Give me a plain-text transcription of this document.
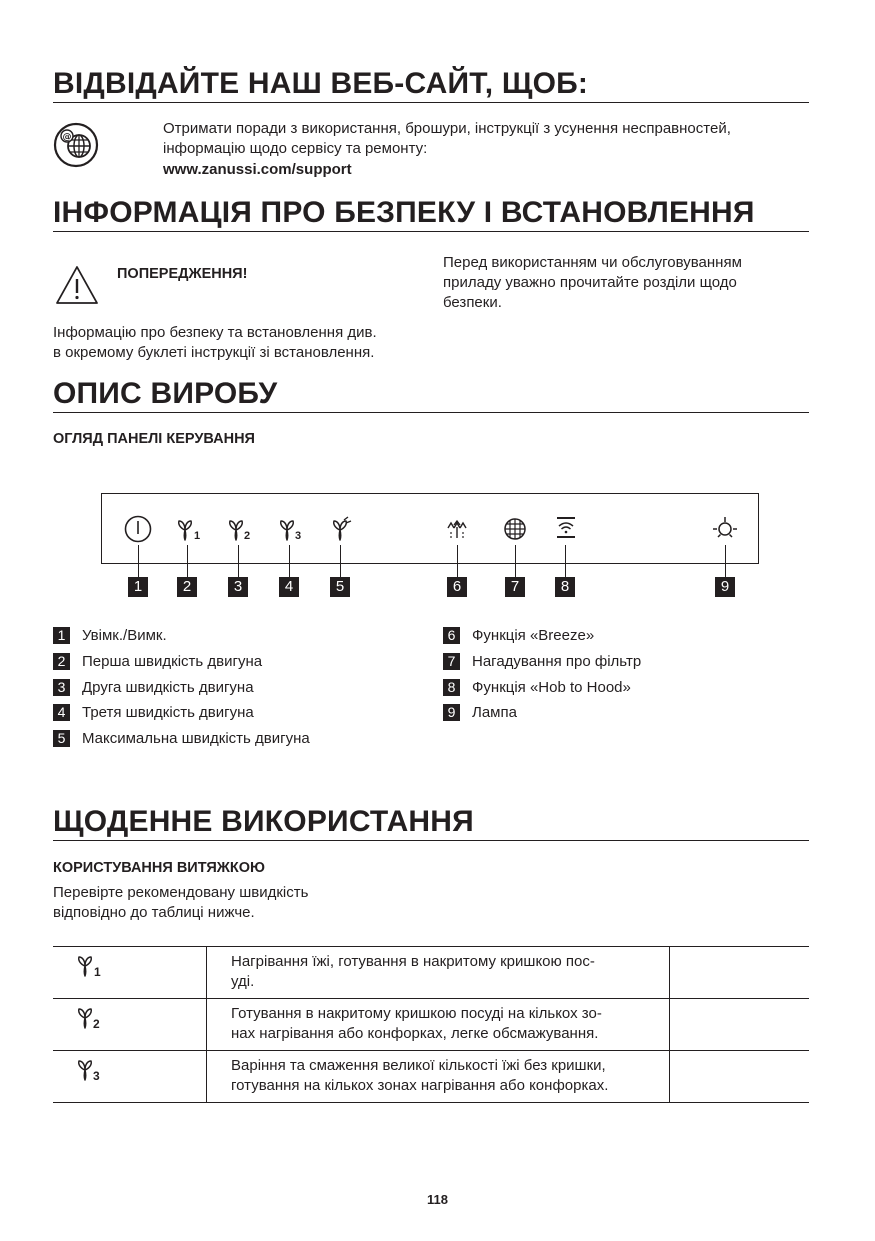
ВІДВІДАЙТЕ НАШ ВЕБ-САЙТ, ЩОБ:
@
Отримати поради з використання, брошури, інструкції з усунення несправностей,
інформацію щодо сервісу та ремонту:
www.zanussi.com/support
ІНФОРМАЦІЯ ПРО БЕЗПЕКУ І ВСТАНОВЛЕННЯ
ПОПЕРЕДЖЕННЯ!
Перед використанням чи обслуговуванням
приладу уважно прочитайте розділи щодо
безпеки.
Інформацію про безпеку та встановлення див.
в окремому буклеті інструкції зі встановлення.
ОПИС ВИРОБУ
ОГЛЯД ПАНЕЛІ КЕРУВАННЯ
1	2	3
1	2	3	4	5	6	7	8	9
1	Увімк./Вимк.
2	Перша швидкість двигуна
3	Друга швидкість двигуна
4	Третя швидкість двигуна
5	Максимальна швидкість двигуна
6	Функція «Breeze»
7	Нагадування про фільтр
8	Функція «Hob to Hood»
9	Лампа
ЩОДЕННЕ ВИКОРИСТАННЯ
КОРИСТУВАННЯ ВИТЯЖКОЮ
Перевірте рекомендовану швидкість
відповідно до таблиці нижче.
1	Нагрівання їжі, готування в накритому кришкою пос-
уді.	

2	Готування в накритому кришкою посуді на кількох зо-
нах нагрівання або конфорках, легке обсмажування.	

3	Варіння та смаження великої кількості їжі без кришки,
готування на кількох зонах нагрівання або конфорках.	

118
